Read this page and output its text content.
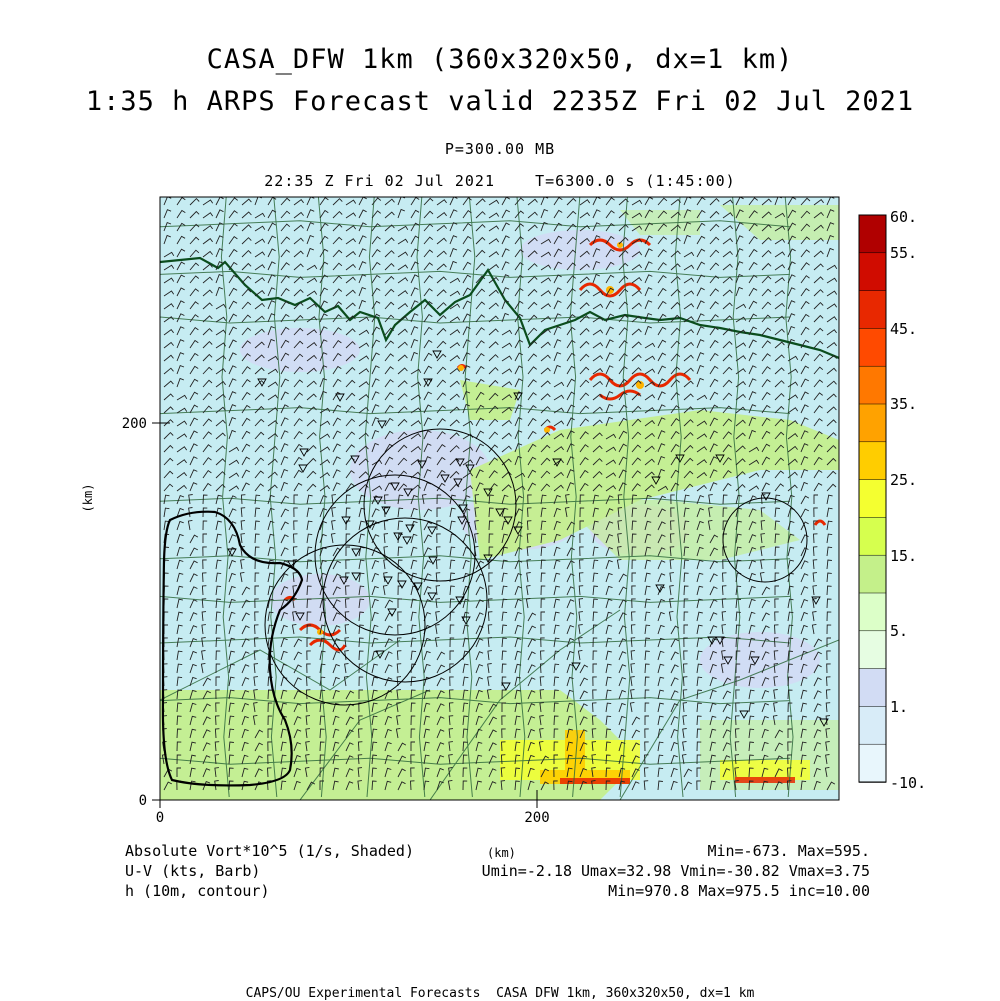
CASA_DFW 1km (360x320x50, dx=1 km)
1:35 h ARPS Forecast valid 2235Z Fri 02 Jul 2021
P=300.00 MB
22:35 Z Fri 02 Jul 2021    T=6300.0 s (1:45:00)
0	200
0
200
(km)
60.
55.
45.
35.
25.
15.
5.
1.
-10.
Absolute Vort*10^5 (1/s, Shaded)	(km)	Min=-673. Max=595.
U-V (kts, Barb)	Umin=-2.18 Umax=32.98 Vmin=-30.82 Vmax=3.75
h (10m, contour)	Min=970.8 Max=975.5 inc=10.00
CAPS/OU Experimental Forecasts  CASA DFW 1km, 360x320x50, dx=1 km
